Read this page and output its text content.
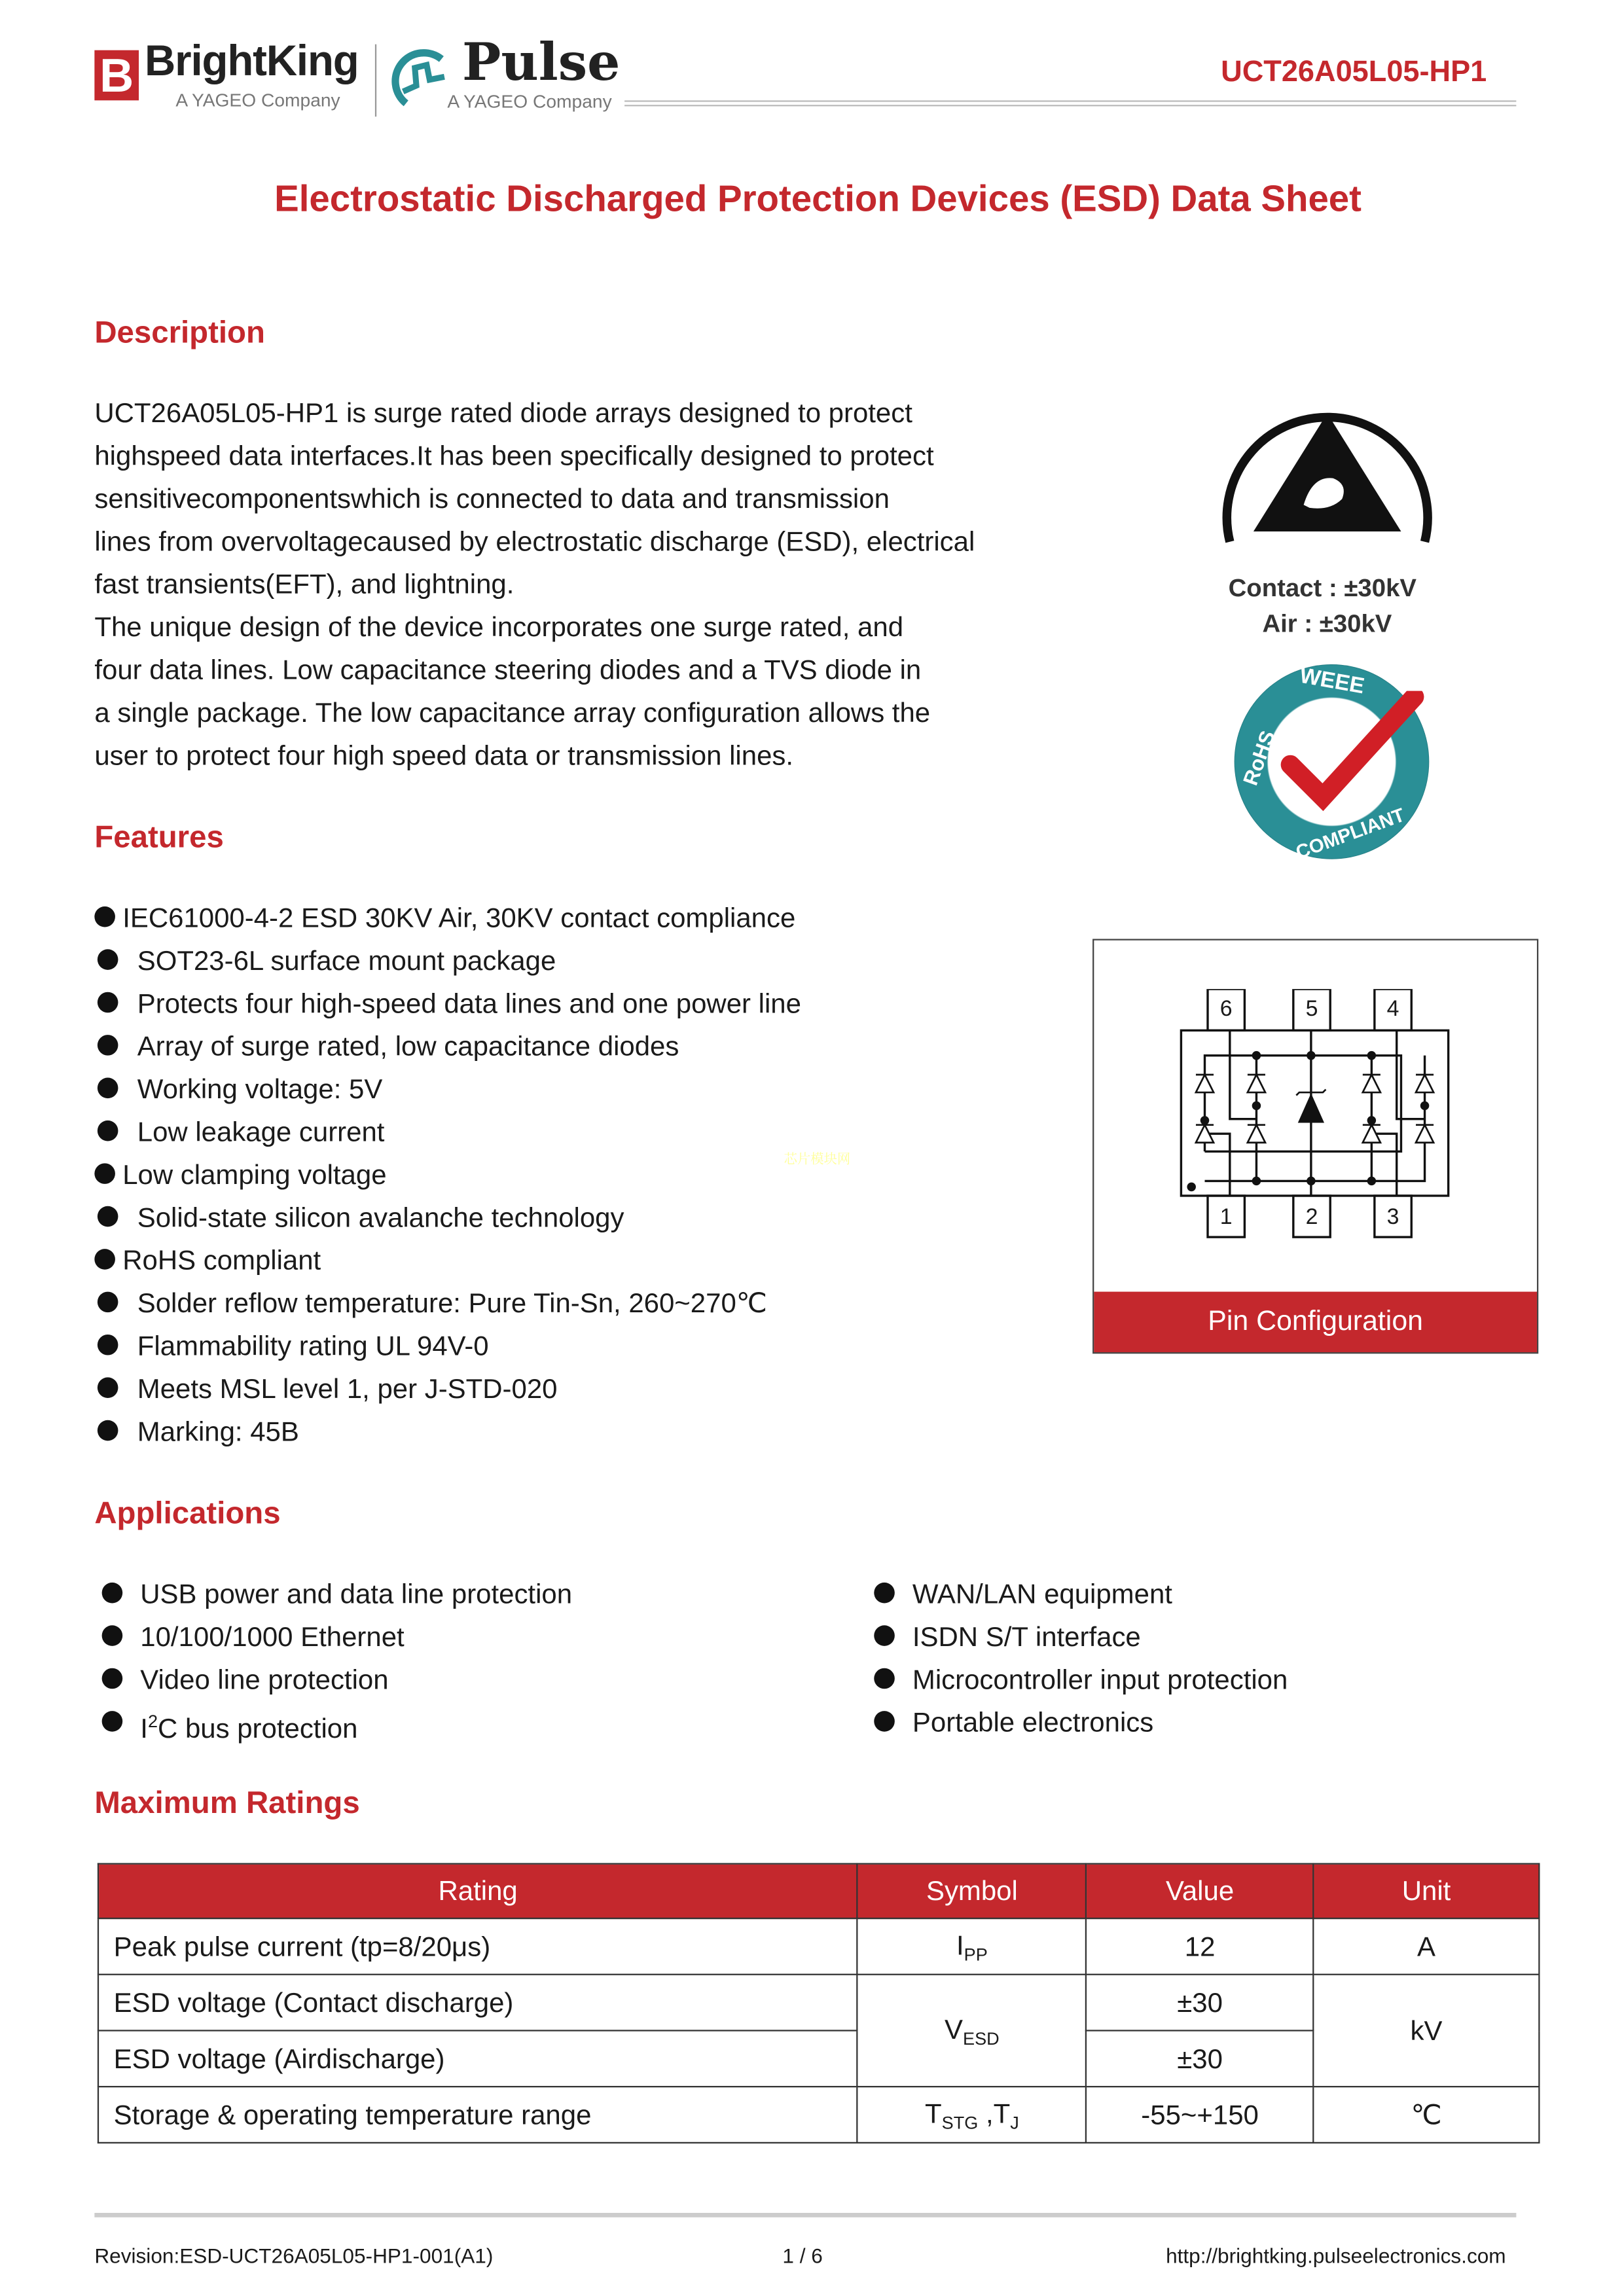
B BrightKing
A YAGEO Company
Pulse
A YAGEO Company
UCT26A05L05-HP1
Electrostatic Discharged Protection Devices (ESD) Data Sheet
Description
UCT26A05L05-HP1 is surge rated diode arrays designed to protect
highspeed data interfaces.It has been specifically designed to protect
sensitivecomponentswhich is connected to data and transmission
lines from overvoltagecaused by electrostatic discharge (ESD), electrical
fast transients(EFT), and lightning.
The unique design of the device incorporates one surge rated, and
four data lines. Low capacitance steering diodes and a TVS diode in
a single package. The low capacitance array configuration allows the
user to protect four high speed data or transmission lines.
Contact : ±30kV
Air : ±30kV
WEEE
RoHS
COMPLIANT
Features
IEC61000-4-2 ESD 30KV Air, 30KV contact compliance
SOT23-6L surface mount package
Protects four high-speed data lines and one power line
Array of surge rated, low capacitance diodes
Working voltage: 5V
Low leakage current
Low clamping voltage
Solid-state silicon avalanche technology
RoHS compliant
Solder reflow temperature: Pure Tin-Sn, 260~270℃
Flammability rating UL 94V-0
Meets MSL level 1, per J-STD-020
Marking: 45B
芯片模块网
6	5	4
1	2	3
Pin Configuration
Applications
USB power and data line protection
10/100/1000 Ethernet
Video line protection
$I^2C$ bus protection
WAN/LAN equipment
ISDN S/T interface
Microcontroller input protection
Portable electronics
Maximum Ratings
Rating	Symbol	Value	Unit
Peak pulse current (tp=8/20μs)	$I_{PP}$	12	A
ESD voltage (Contact discharge)	$V_{ESD}$	±30	kV
ESD voltage (Airdischarge)		±30	
Storage & operating temperature range	$T_{STG}$ $,T_J$	-55~+150	℃
Revision:ESD-UCT26A05L05-HP1-001(A1)	1 / 6	http://brightking.pulseelectronics.com
